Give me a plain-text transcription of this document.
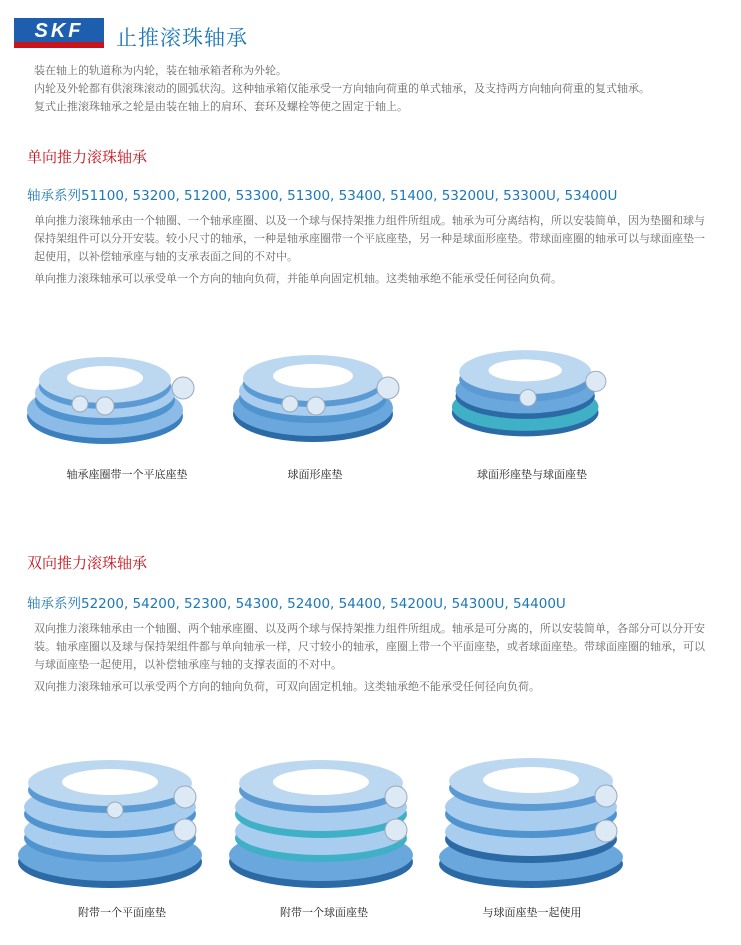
SKF 止推滚珠轴承
装在轴上的轨道称为内轮，装在轴承箱者称为外轮。
内轮及外轮都有供滚珠滚动的圆弧状沟。这种轴承箱仅能承受一方向轴向荷重的单式轴承，及支持两方向轴向荷重的复式轴承。
复式止推滚珠轴承之轮是由装在轴上的肩环、套环及螺栓等使之固定于轴上。
单向推力滚珠轴承
轴承系列51100, 53200, 51200, 53300, 51300, 53400, 51400, 53200U, 53300U, 53400U

单向推力滚珠轴承由一个轴圈、一个轴承座圈、以及一个球与保持架推力组件所组成。轴承为可分离结构，所以安装简单，因为垫圈和球与保持架组件可以分开安装。较小尺寸的轴承，一种是轴承座圈带一个平底座垫，另一种是球面形座垫。带球面座圈的轴承可以与球面座垫一起使用，以补偿轴承座与轴的支承表面之间的不对中。

单向推力滚珠轴承可以承受单一个方向的轴向负荷，并能单向固定机轴。这类轴承绝不能承受任何径向负荷。

轴承座圈带一个平底座垫	球面形座垫	球面形座垫与球面座垫
双向推力滚珠轴承
轴承系列52200, 54200, 52300, 54300, 52400, 54400, 54200U, 54300U, 54400U

双向推力滚珠轴承由一个轴圈、两个轴承座圈、以及两个球与保持架推力组件所组成。轴承是可分离的，所以安装简单，各部分可以分开安装。轴承座圈以及球与保持架组件都与单向轴承一样，尺寸较小的轴承，座圈上带一个平面座垫，或者球面座垫。带球面座圈的轴承，可以与球面座垫一起使用，以补偿轴承座与轴的支撑表面的不对中。

双向推力滚珠轴承可以承受两个方向的轴向负荷，可双向固定机轴。这类轴承绝不能承受任何径向负荷。

附带一个平面座垫	附带一个球面座垫	与球面座垫一起使用
